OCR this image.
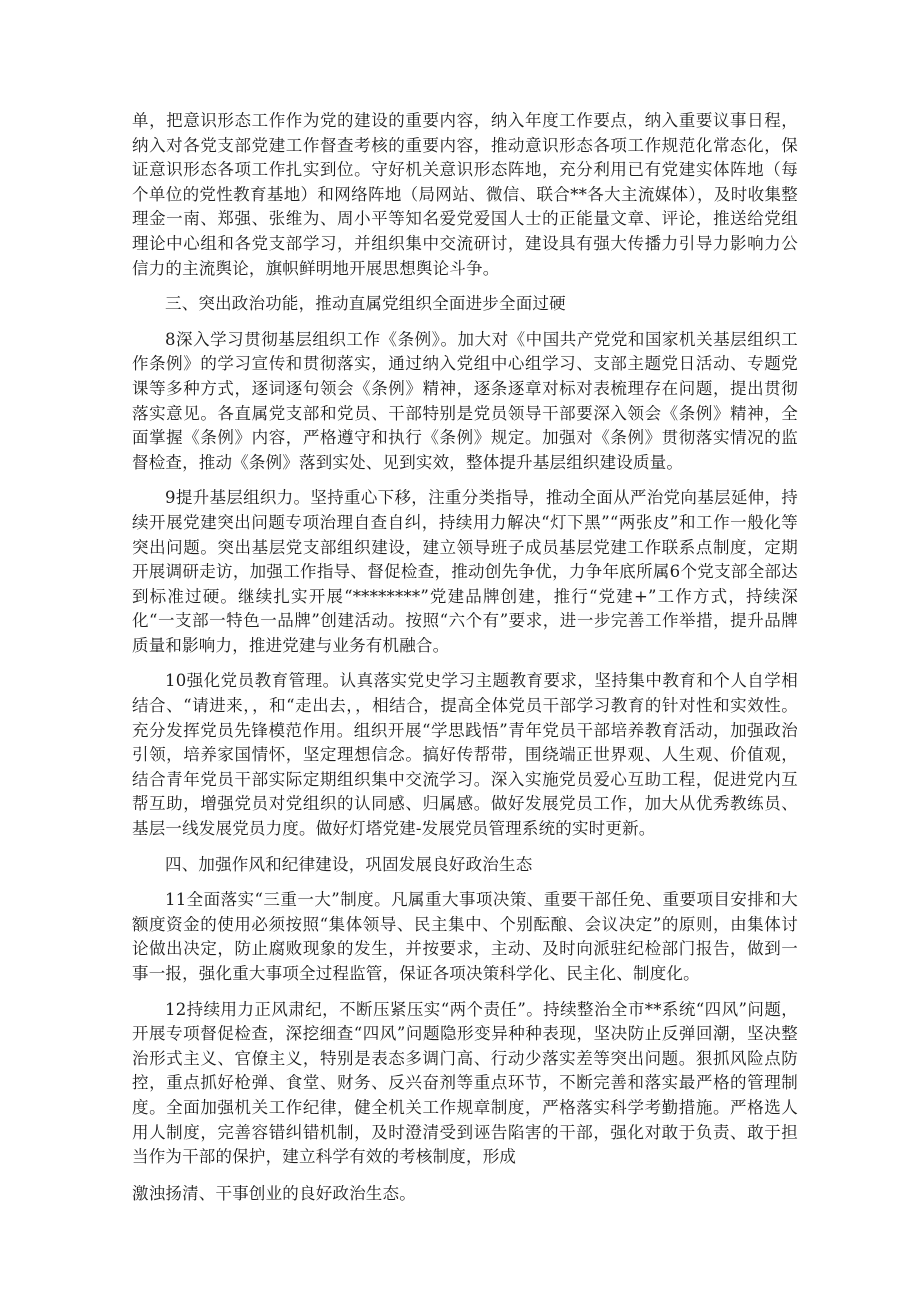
单，把意识形态工作作为党的建设的重要内容，纳入年度工作要点，纳入重要议事日程，纳入对各党支部党建工作督查考核的重要内容，推动意识形态各项工作规范化常态化，保证意识形态各项工作扎实到位。守好机关意识形态阵地，充分利用已有党建实体阵地（每个单位的党性教育基地）和网络阵地（局网站、微信、联合**各大主流媒体），及时收集整理金一南、郑强、张维为、周小平等知名爱党爱国人士的正能量文章、评论，推送给党组理论中心组和各党支部学习，并组织集中交流研讨，建设具有强大传播力引导力影响力公信力的主流舆论，旗帜鲜明地开展思想舆论斗争。

三、突出政治功能，推动直属党组织全面进步全面过硬

8深入学习贯彻基层组织工作《条例》。加大对《中国共产党党和国家机关基层组织工作条例》的学习宣传和贯彻落实，通过纳入党组中心组学习、支部主题党日活动、专题党课等多种方式，逐词逐句领会《条例》精神，逐条逐章对标对表梳理存在问题，提出贯彻落实意见。各直属党支部和党员、干部特别是党员领导干部要深入领会《条例》精神，全面掌握《条例》内容，严格遵守和执行《条例》规定。加强对《条例》贯彻落实情况的监督检查，推动《条例》落到实处、见到实效，整体提升基层组织建设质量。

9提升基层组织力。坚持重心下移，注重分类指导，推动全面从严治党向基层延伸，持续开展党建突出问题专项治理自查自纠，持续用力解决“灯下黑”“两张皮”和工作一般化等突出问题。突出基层党支部组织建设，建立领导班子成员基层党建工作联系点制度，定期开展调研走访，加强工作指导、督促检查，推动创先争优，力争年底所属6个党支部全部达到标准过硬。继续扎实开展“********”党建品牌创建，推行“党建+”工作方式，持续深化“一支部一特色一品牌”创建活动。按照“六个有”要求，进一步完善工作举措，提升品牌质量和影响力，推进党建与业务有机融合。

10强化党员教育管理。认真落实党史学习主题教育要求，坚持集中教育和个人自学相结合、“请进来，，和“走出去，，相结合，提高全体党员干部学习教育的针对性和实效性。充分发挥党员先锋模范作用。组织开展“学思践悟”青年党员干部培养教育活动，加强政治引领，培养家国情怀，坚定理想信念。搞好传帮带，围绕端正世界观、人生观、价值观，结合青年党员干部实际定期组织集中交流学习。深入实施党员爱心互助工程，促进党内互帮互助，增强党员对党组织的认同感、归属感。做好发展党员工作，加大从优秀教练员、基层一线发展党员力度。做好灯塔党建-发展党员管理系统的实时更新。

四、加强作风和纪律建设，巩固发展良好政治生态

11全面落实“三重一大”制度。凡属重大事项决策、重要干部任免、重要项目安排和大额度资金的使用必须按照“集体领导、民主集中、个别酝酿、会议决定”的原则，由集体讨论做出决定，防止腐败现象的发生，并按要求，主动、及时向派驻纪检部门报告，做到一事一报，强化重大事项全过程监管，保证各项决策科学化、民主化、制度化。

12持续用力正风肃纪，不断压紧压实“两个责任”。持续整治全市**系统“四风”问题，开展专项督促检查，深挖细查“四风”问题隐形变异种种表现，坚决防止反弹回潮，坚决整治形式主义、官僚主义，特别是表态多调门高、行动少落实差等突出问题。狠抓风险点防控，重点抓好枪弹、食堂、财务、反兴奋剂等重点环节，不断完善和落实最严格的管理制度。全面加强机关工作纪律，健全机关工作规章制度，严格落实科学考勤措施。严格选人用人制度，完善容错纠错机制，及时澄清受到诬告陷害的干部，强化对敢于负责、敢于担当作为干部的保护，建立科学有效的考核制度，形成

激浊扬清、干事创业的良好政治生态。
